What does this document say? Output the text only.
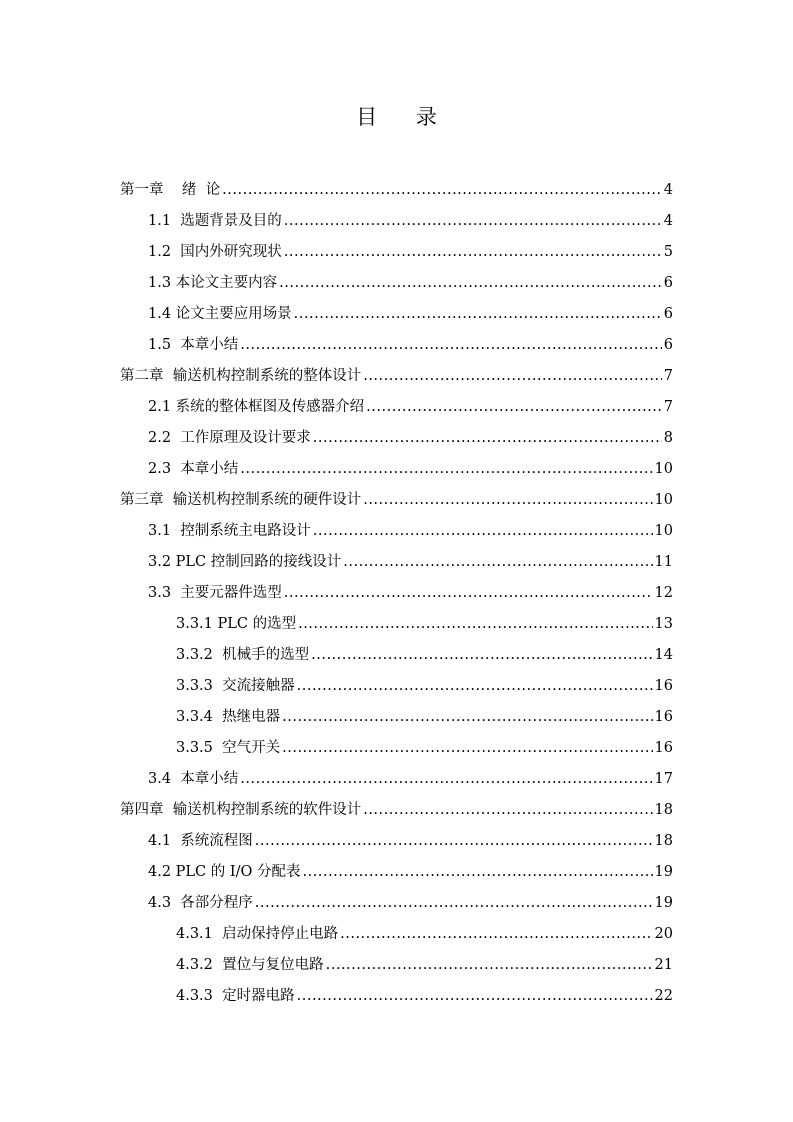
目 录
第一章    绪  论 .....	4
1.1  选题背景及目的 .....	4
1.2  国内外研究现状 .....	5
1.3 本论文主要内容 .....	6
1.4 论文主要应用场景 .....	6
1.5  本章小结 .....	6
第二章  输送机构控制系统的整体设计 .....	7
2.1 系统的整体框图及传感器介绍 .....	7
2.2  工作原理及设计要求 .....	8
2.3  本章小结 .....	10
第三章  输送机构控制系统的硬件设计 .....	10
3.1  控制系统主电路设计 .....	10
3.2 PLC 控制回路的接线设计 .....	11
3.3  主要元器件选型 .....	12
3.3.1 PLC 的选型 .....	13
3.3.2  机械手的选型 .....	14
3.3.3  交流接触器 .....	16
3.3.4  热继电器 .....	16
3.3.5  空气开关 .....	16
3.4  本章小结 .....	17
第四章  输送机构控制系统的软件设计 .....	18
4.1  系统流程图 .....	18
4.2 PLC 的 I/O 分配表 .....	19
4.3  各部分程序 .....	19
4.3.1  启动保持停止电路 .....	20
4.3.2  置位与复位电路 .....	21
4.3.3  定时器电路 .....	22
